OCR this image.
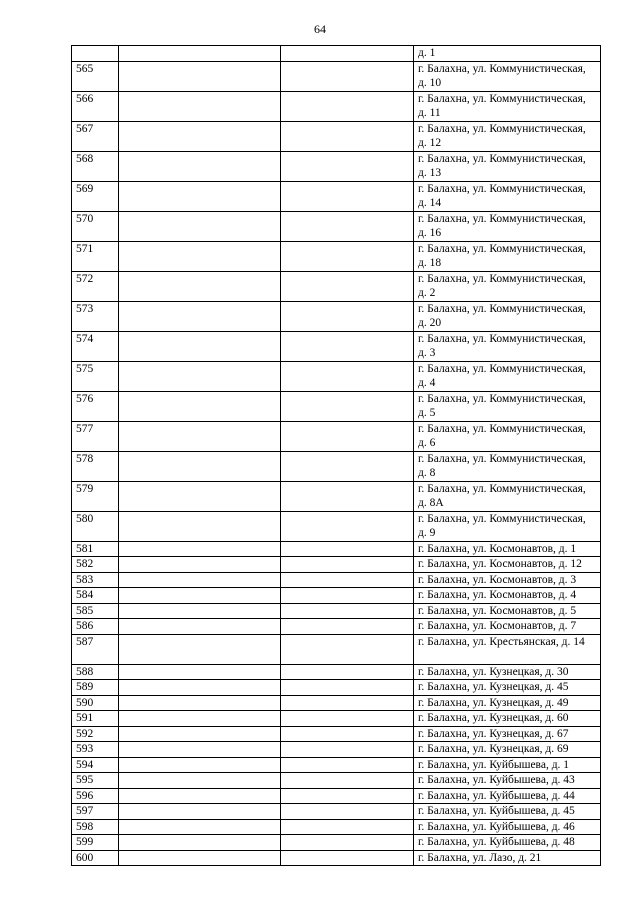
64
			д. 1
565			г. Балахна, ул. Коммунистическая, д. 10
566			г. Балахна, ул. Коммунистическая, д. 11
567			г. Балахна, ул. Коммунистическая, д. 12
568			г. Балахна, ул. Коммунистическая, д. 13
569			г. Балахна, ул. Коммунистическая, д. 14
570			г. Балахна, ул. Коммунистическая, д. 16
571			г. Балахна, ул. Коммунистическая, д. 18
572			г. Балахна, ул. Коммунистическая, д. 2
573			г. Балахна, ул. Коммунистическая, д. 20
574			г. Балахна, ул. Коммунистическая, д. 3
575			г. Балахна, ул. Коммунистическая, д. 4
576			г. Балахна, ул. Коммунистическая, д. 5
577			г. Балахна, ул. Коммунистическая, д. 6
578			г. Балахна, ул. Коммунистическая, д. 8
579			г. Балахна, ул. Коммунистическая, д. 8А
580			г. Балахна, ул. Коммунистическая, д. 9
581			г. Балахна, ул. Космонавтов, д. 1
582			г. Балахна, ул. Космонавтов, д. 12
583			г. Балахна, ул. Космонавтов, д. 3
584			г. Балахна, ул. Космонавтов, д. 4
585			г. Балахна, ул. Космонавтов, д. 5
586			г. Балахна, ул. Космонавтов, д. 7
587			г. Балахна, ул. Крестьянская, д. 14
588			г. Балахна, ул. Кузнецкая, д. 30
589			г. Балахна, ул. Кузнецкая, д. 45
590			г. Балахна, ул. Кузнецкая, д. 49
591			г. Балахна, ул. Кузнецкая, д. 60
592			г. Балахна, ул. Кузнецкая, д. 67
593			г. Балахна, ул. Кузнецкая, д. 69
594			г. Балахна, ул. Куйбышева, д. 1
595			г. Балахна, ул. Куйбышева, д. 43
596			г. Балахна, ул. Куйбышева, д. 44
597			г. Балахна, ул. Куйбышева, д. 45
598			г. Балахна, ул. Куйбышева, д. 46
599			г. Балахна, ул. Куйбышева, д. 48
600			г. Балахна, ул. Лазо, д. 21
